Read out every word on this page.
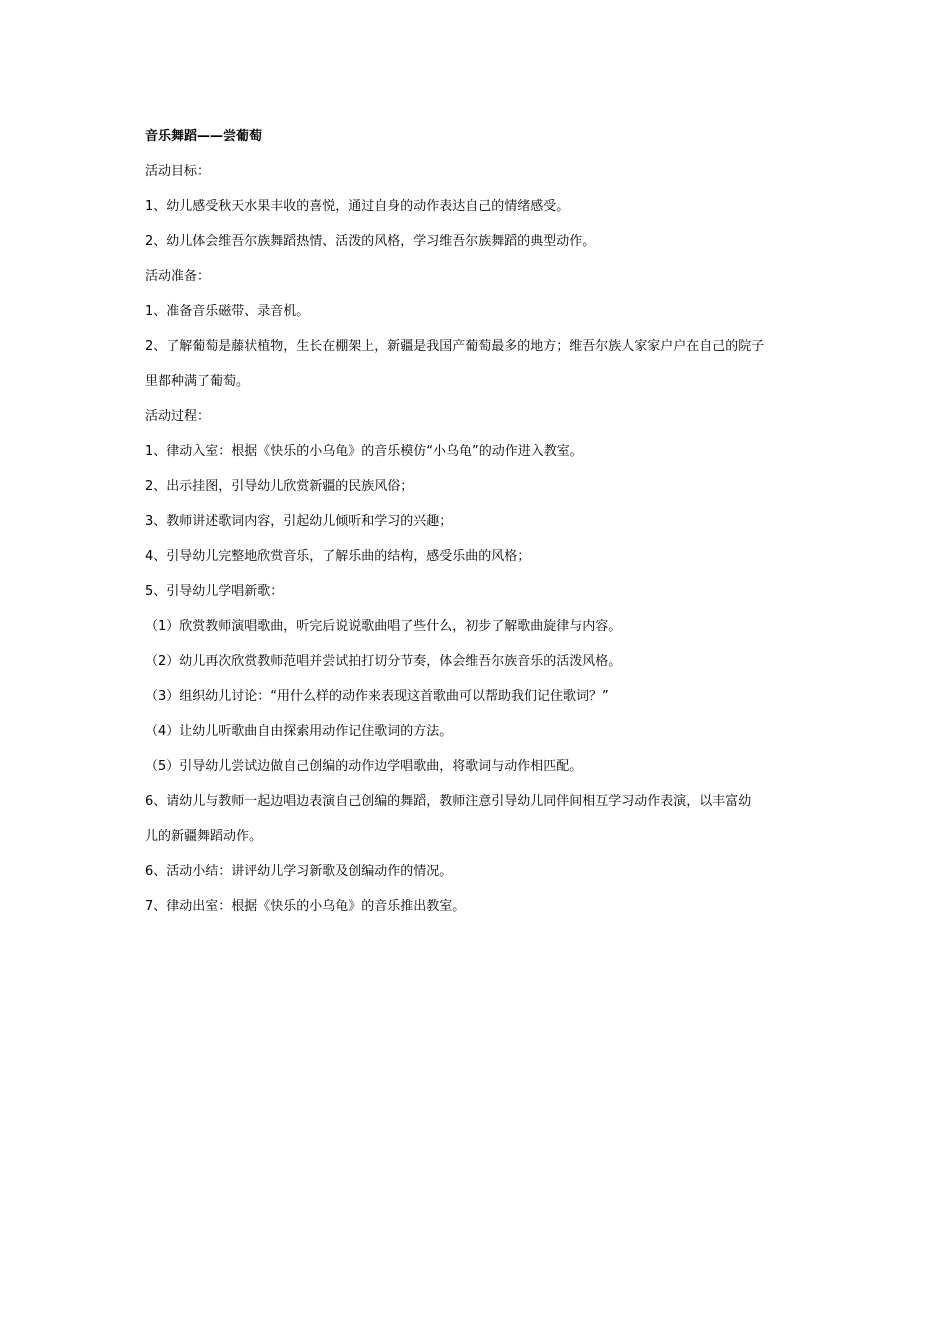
音乐舞蹈——尝葡萄
活动目标：
1、幼儿感受秋天水果丰收的喜悦，通过自身的动作表达自己的情绪感受。
2、幼儿体会维吾尔族舞蹈热情、活泼的风格，学习维吾尔族舞蹈的典型动作。
活动准备：
1、准备音乐磁带、录音机。
2、了解葡萄是藤状植物，生长在棚架上，新疆是我国产葡萄最多的地方；维吾尔族人家家户户在自己的院子
里都种满了葡萄。
活动过程：
1、律动入室：根据《快乐的小乌龟》的音乐模仿“小乌龟”的动作进入教室。
2、出示挂图，引导幼儿欣赏新疆的民族风俗；
3、教师讲述歌词内容，引起幼儿倾听和学习的兴趣；
4、引导幼儿完整地欣赏音乐，了解乐曲的结构，感受乐曲的风格；
5、引导幼儿学唱新歌：
（1）欣赏教师演唱歌曲，听完后说说歌曲唱了些什么，初步了解歌曲旋律与内容。
（2）幼儿再次欣赏教师范唱并尝试拍打切分节奏，体会维吾尔族音乐的活泼风格。
（3）组织幼儿讨论：“用什么样的动作来表现这首歌曲可以帮助我们记住歌词？”
（4）让幼儿听歌曲自由探索用动作记住歌词的方法。
（5）引导幼儿尝试边做自己创编的动作边学唱歌曲，将歌词与动作相匹配。
6、请幼儿与教师一起边唱边表演自己创编的舞蹈，教师注意引导幼儿同伴间相互学习动作表演，以丰富幼
儿的新疆舞蹈动作。
6、活动小结：讲评幼儿学习新歌及创编动作的情况。
7、律动出室：根据《快乐的小乌龟》的音乐推出教室。
